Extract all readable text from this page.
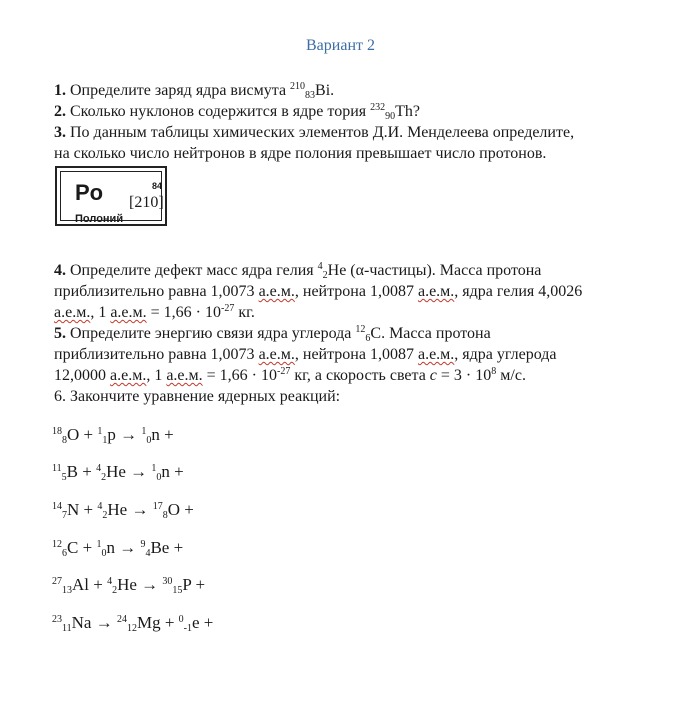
Вариант 2
1. Определите заряд ядра висмута $^{210}_{83}$Bi.
2. Сколько нуклонов содержится в ядре тория $^{232}_{90}$Th?
3. По данным таблицы химических элементов Д.И. Менделеева определите,
на сколько число нейтронов в ядре полония превышает число протонов.
Po	84
[210]
Полоний
4. Определите дефект масс ядра гелия $^4_2$He (α-частицы). Масса протона
приблизительно равна 1,0073 а.е.м., нейтрона 1,0087 а.е.м., ядра гелия 4,0026
а.е.м., 1 а.е.м. = $1,66 \cdot 10^{-27}$ кг.
5. Определите энергию связи ядра углерода $^{12}_6$C. Масса протона
приблизительно равна 1,0073 а.е.м., нейтрона 1,0087 а.е.м., ядра углерода
12,0000 а.е.м., 1 а.е.м. = $1,66 \cdot 10^{-27}$ кг, а скорость света $c = 3 \cdot 10^8$ м/с.
6. Закончите уравнение ядерных реакций:
$^{18}_8$O + $^1_1$p → $^1_0$n +
$^{11}_5$B + $^4_2$He → $^1_0$n +
$^{14}_7$N + $^4_2$He → $^{17}_8$O +
$^{12}_6$C + $^1_0$n → $^9_4$Be +
$^{27}_{13}$Al + $^4_2$He → $^{30}_{15}$P +
$^{23}_{11}$Na → $^{24}_{12}$Mg + $^0_{-1}$e +
